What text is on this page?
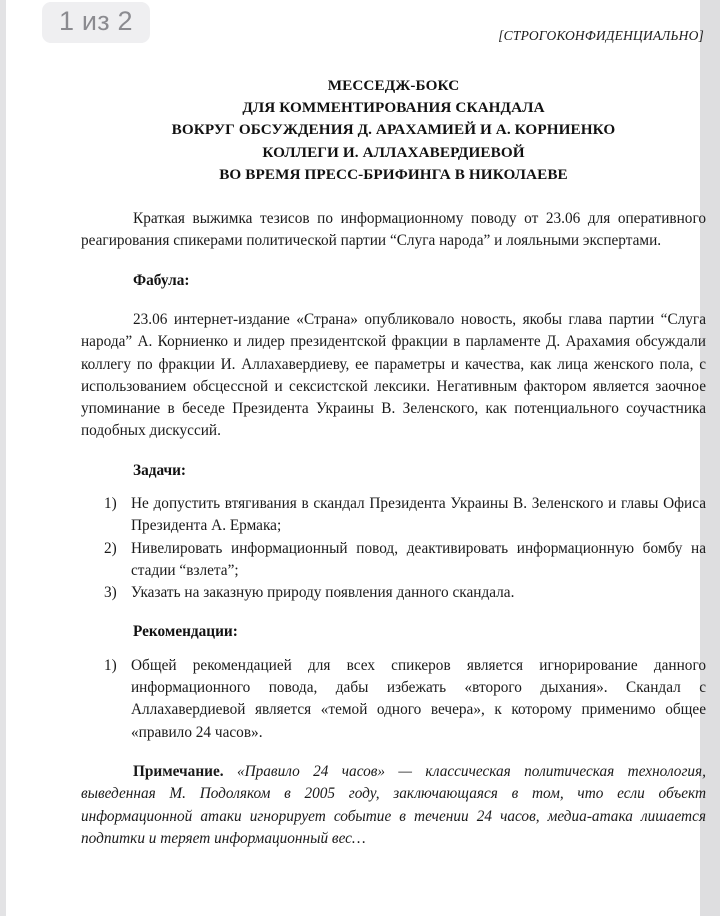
1 из 2	[СТРОГОКОНФИДЕНЦИАЛЬНО]
МЕССЕДЖ-БОКС
ДЛЯ КОММЕНТИРОВАНИЯ СКАНДАЛА
ВОКРУГ ОБСУЖДЕНИЯ Д. АРАХАМИЕЙ И А. КОРНИЕНКО
КОЛЛЕГИ И. АЛЛАХАВЕРДИЕВОЙ
ВО ВРЕМЯ ПРЕСС-БРИФИНГА В НИКОЛАЕВЕ

Краткая выжимка тезисов по информационному поводу от 23.06 для оперативного реагирования спикерами политической партии “Слуга народа” и лояльными экспертами.

Фабула:

23.06 интернет-издание «Страна» опубликовало новость, якобы глава партии “Слуга народа” А. Корниенко и лидер президентской фракции в парламенте Д. Арахамия обсуждали коллегу по фракции И. Аллахавердиеву, ее параметры и качества, как лица женского пола, с использованием обсцессной и сексистской лексики. Негативным фактором является заочное упоминание в беседе Президента Украины В. Зеленского, как потенциального соучастника подобных дискуссий.

Задачи:
Не допустить втягивания в скандал Президента Украины В. Зеленского и главы Офиса Президента А. Ермака;
Нивелировать информационный повод, деактивировать информационную бомбу на стадии “взлета”;
Указать на заказную природу появления данного скандала.
Рекомендации:
Общей рекомендацией для всех спикеров является игнорирование данного информационного повода, дабы избежать «второго дыхания». Скандал с Аллахавердиевой является «темой одного вечера», к которому применимо общее «правило 24 часов».

Примечание. «Правило 24 часов» — классическая политическая технология, выведенная М. Подоляком в 2005 году, заключающаяся в том, что если объект информационной атаки игнорирует событие в течении 24 часов, медиа-атака лишается подпитки и теряет информационный вес…
